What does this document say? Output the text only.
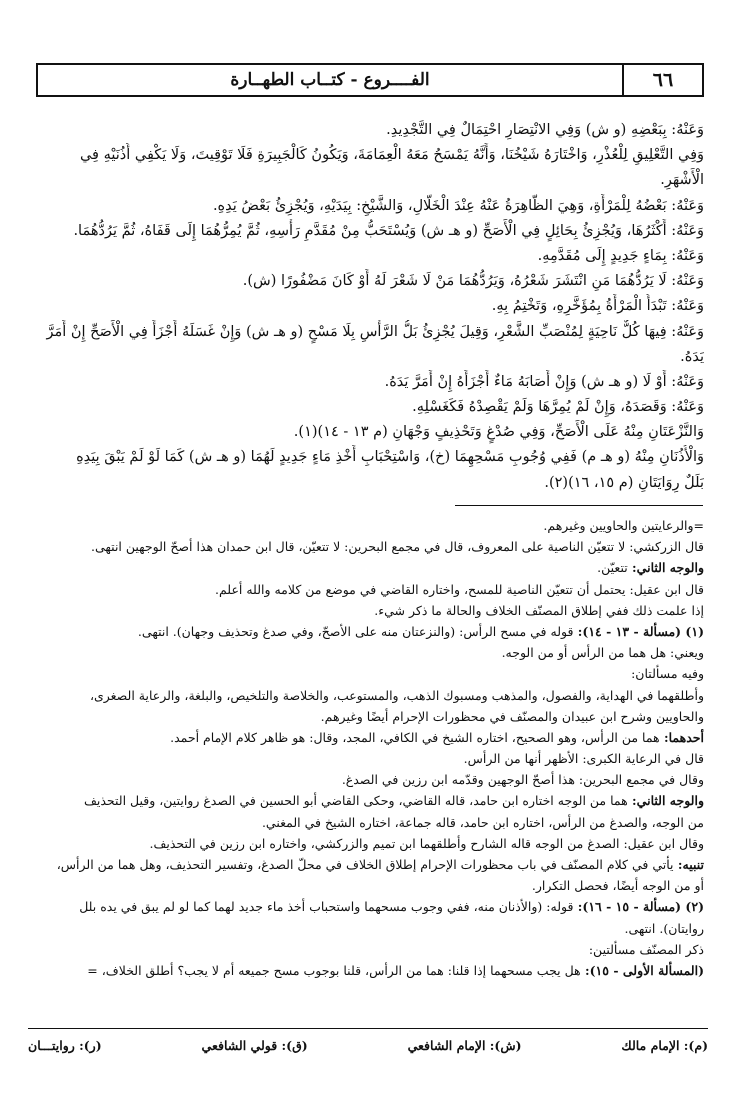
٦٦
الفــــروع - كتــاب الطهــارة
وَعَنْهُ: بِبَعْضِهِ (و ش) وَفِي الانْتِصَارِ احْتِمَالٌ فِي التَّجْدِيدِ.
وَفِي التَّعْلِيقِ لِلْعُذْرِ، وَاخْتَارَهُ شَيْخُنَا، وَأَنَّهُ يَمْسَحُ مَعَهُ الْعِمَامَةَ، وَيَكُونُ كَالْجَبِيرَةِ فَلَا تَوْقِيتَ، وَلَا يَكْفِي أُذُنَيْهِ فِي
الْأَشْهَرِ.
وَعَنْهُ: بَعْضُهُ لِلْمَرْأَةِ، وَهِيَ الظَّاهِرَةُ عَنْهُ عِنْدَ الْخَلَّالِ، وَالشَّيْخِ: بِيَدَيْهِ، وَيُجْزِئُ بَعْضُ يَدِهِ.
وَعَنْهُ: أَكْثَرُهَا، وَيُجْزِئُ بِحَائِلٍ فِي الْأَصَحِّ (و هـ ش) وَيُسْتَحَبُّ مِنْ مُقَدَّمِ رَأْسِهِ، ثُمَّ يُمِرُّهُمَا إِلَى قَفَاهُ، ثُمَّ يَرُدُّهُمَا.
وَعَنْهُ: بِمَاءٍ جَدِيدٍ إِلَى مُقَدَّمِهِ.
وَعَنْهُ: لَا يَرُدُّهُمَا مَنِ انْتَشَرَ شَعْرُهُ، وَيَرُدُّهُمَا مَنْ لَا شَعْرَ لَهُ أَوْ كَانَ مَضْفُورًا (ش).
وَعَنْهُ: تَبْدَأُ الْمَرْأَةُ بِمُؤَخَّرِهِ، وَتَخْتِمُ بِهِ.
وَعَنْهُ: فِيهَا كُلٌّ نَاحِيَةٍ لِمُنْصَبِّ الشَّعْرِ، وَقِيلَ يُجْزِئُ بَلُّ الرَّأْسِ بِلَا مَسْحٍ (و هـ ش) وَإِنْ غَسَلَهُ أَجْزَأَ فِي الْأَصَحِّ إِنْ أَمَرَّ
يَدَهُ.
وَعَنْهُ: أَوْ لَا (و هـ ش) وَإِنْ أَصَابَهُ مَاءٌ أَجْزَأَهُ إِنْ أَمَرَّ يَدَهُ.
وَعَنْهُ: وَقَصَدَهُ، وَإِنْ لَمْ يُمِرَّهَا وَلَمْ يَقْصِدْهُ فَكَغَسْلِهِ.
وَالنَّزْعَتَانِ مِنْهُ عَلَى الْأَصَحِّ، وَفِي صُدْغٍ وَتَحْذِيفٍ وَجْهَانِ (م ١٣ - ١٤)(١).
وَالْأُذُنَانِ مِنْهُ (و هـ م) فَفِي وُجُوبِ مَسْحِهِمَا (خ)، وَاسْتِحْبَابِ أَخْذِ مَاءٍ جَدِيدٍ لَهُمَا (و هـ ش) كَمَا لَوْ لَمْ يَبْقَ بِيَدِهِ
بَلَلٌ رِوَايَتَانِ (م ١٥، ١٦)(٢).
=والرعايتين والحاويين وغيرهم.
قال الزركشي: لا تتعيّن الناصية على المعروف، قال في مجمع البحرين: لا تتعيّن، قال ابن حمدان هذا أصحّ الوجهين انتهى.
والوجه الثاني: تتعيّن.
قال ابن عقيل: يحتمل أن تتعيّن الناصية للمسح، واختاره القاضي في موضع من كلامه والله أعلم.
إذا علمت ذلك ففي إطلاق المصنّف الخلاف والحالة ما ذكر شيء.
(١) (مسألة - ١٣ - ١٤): قوله في مسح الرأس: (والنزعتان منه على الأصحّ، وفي صدغ وتحذيف وجهان). انتهى.
ويعني: هل هما من الرأس أو من الوجه.
وفيه مسألتان:
وأطلقهما في الهداية، والفصول، والمذهب ومسبوك الذهب، والمستوعب، والخلاصة والتلخيص، والبلغة، والرعاية الصغرى،
والحاويين وشرح ابن عبيدان والمصنّف في محظورات الإحرام أيضًا وغيرهم.
أحدهما: هما من الرأس، وهو الصحيح، اختاره الشيخ في الكافي، المجد، وقال: هو ظاهر كلام الإمام أحمد.
قال في الرعاية الكبرى: الأظهر أنها من الرأس.
وقال في مجمع البحرين: هذا أصحّ الوجهين وقدّمه ابن رزين في الصدغ.
والوجه الثاني: هما من الوجه اختاره ابن حامد، قاله القاضي، وحكى القاضي أبو الحسين في الصدغ روايتين، وقيل التحذيف
من الوجه، والصدغ من الرأس، اختاره ابن حامد، قاله جماعة، اختاره الشيخ في المغني.
وقال ابن عقيل: الصدغ من الوجه قاله الشارح وأطلقهما ابن تميم والزركشي، واختاره ابن رزين في التحذيف.
تنبيه: يأتي في كلام المصنّف في باب محظورات الإحرام إطلاق الخلاف في محلّ الصدغ، وتفسير التحذيف، وهل هما من الرأس،
أو من الوجه أيضًا، فحصل التكرار.
(٢) (مسألة - ١٥ - ١٦): قوله: (والأذنان منه، ففي وجوب مسحهما واستحباب أخذ ماء جديد لهما كما لو لم يبق في يده بلل
روايتان). انتهى.
ذكر المصنّف مسألتين:
(المسألة الأولى - ١٥): هل يجب مسحهما إذا قلنا: هما من الرأس، قلنا بوجوب مسح جميعه أم لا يجب؟ أطلق الخلاف، =
(م): الإمام مالك
(ش): الإمام الشافعي
(ق): قولي الشافعي
(ر): روايتـــان
